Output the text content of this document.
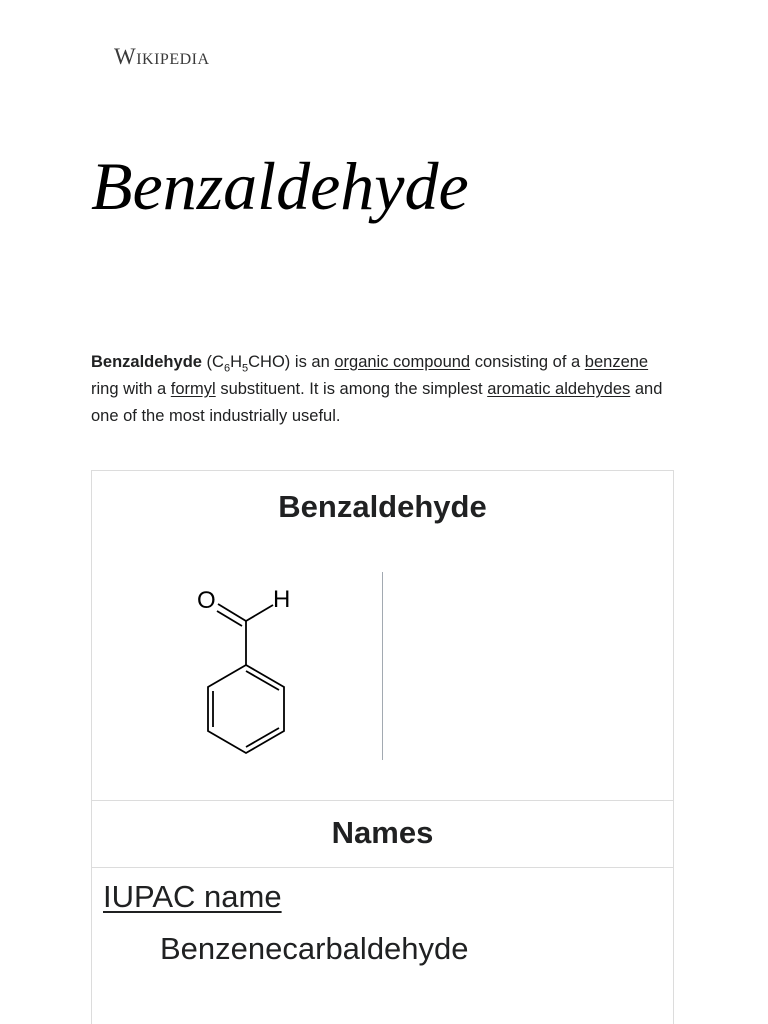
Wikipedia
Benzaldehyde

Benzaldehyde $(C_6H_5CHO)$ is an organic compound consisting of a benzene ring with a formyl substituent. It is among the simplest aromatic aldehydes and one of the most industrially useful.

Benzaldehyde
O H
Names
IUPAC name
Benzenecarbaldehyde
